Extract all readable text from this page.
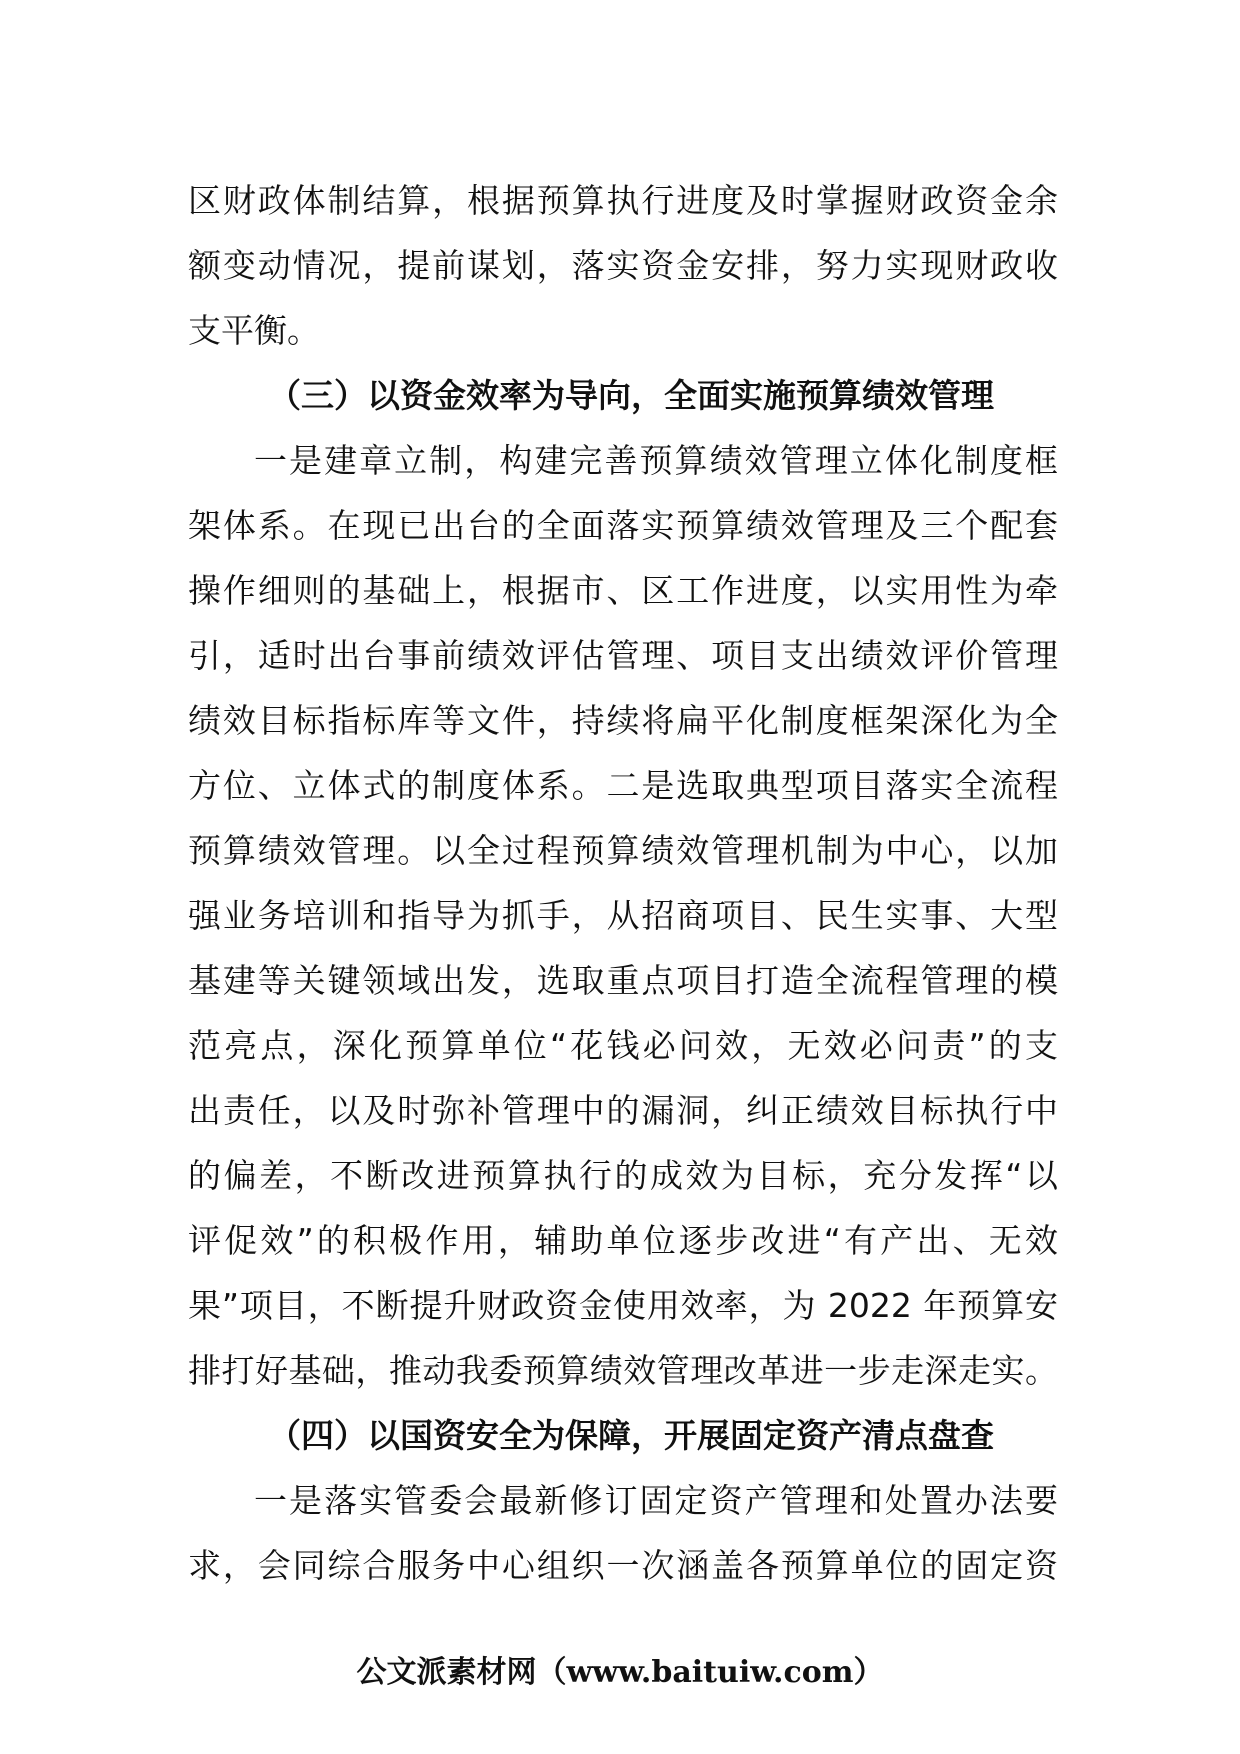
区财政体制结算，根据预算执行进度及时掌握财政资金余
额变动情况，提前谋划，落实资金安排，努力实现财政收
支平衡。
（三）以资金效率为导向，全面实施预算绩效管理
一是建章立制，构建完善预算绩效管理立体化制度框
架体系。在现已出台的全面落实预算绩效管理及三个配套
操作细则的基础上，根据市、区工作进度，以实用性为牵
引，适时出台事前绩效评估管理、项目支出绩效评价管理
绩效目标指标库等文件，持续将扁平化制度框架深化为全
方位、立体式的制度体系。二是选取典型项目落实全流程
预算绩效管理。以全过程预算绩效管理机制为中心，以加
强业务培训和指导为抓手，从招商项目、民生实事、大型
基建等关键领域出发，选取重点项目打造全流程管理的模
范亮点，深化预算单位“花钱必问效，无效必问责”的支
出责任，以及时弥补管理中的漏洞，纠正绩效目标执行中
的偏差，不断改进预算执行的成效为目标，充分发挥“以
评促效”的积极作用，辅助单位逐步改进“有产出、无效
果”项目，不断提升财政资金使用效率，为 2022 年预算安
排打好基础，推动我委预算绩效管理改革进一步走深走实。
（四）以国资安全为保障，开展固定资产清点盘查
一是落实管委会最新修订固定资产管理和处置办法要
求，会同综合服务中心组织一次涵盖各预算单位的固定资
公文派素材网（www.baituiw.com）
